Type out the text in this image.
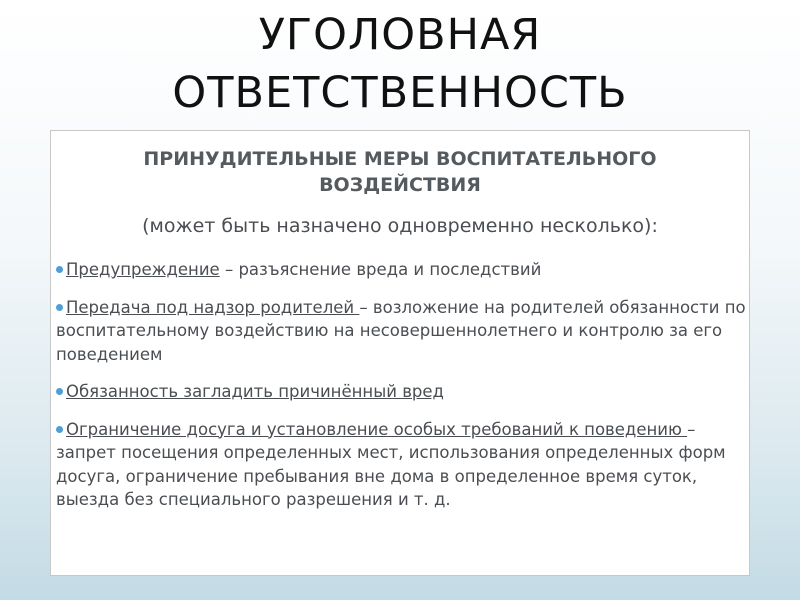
УГОЛОВНАЯ
ОТВЕТСТВЕННОСТЬ
ПРИНУДИТЕЛЬНЫЕ МЕРЫ ВОСПИТАТЕЛЬНОГО
ВОЗДЕЙСТВИЯ
(может быть назначено одновременно несколько):
Предупреждение – разъяснение вреда и последствий
Передача под надзор родителей – возложение на родителей обязанности по воспитательному воздействию на несовершеннолетнего и контролю за его поведением
Обязанность загладить причинённый вред
Ограничение досуга и установление особых требований к поведению – запрет посещения определенных мест, использования определенных форм досуга, ограничение пребывания вне дома в определенное время суток, выезда без специального разрешения и т. д.
